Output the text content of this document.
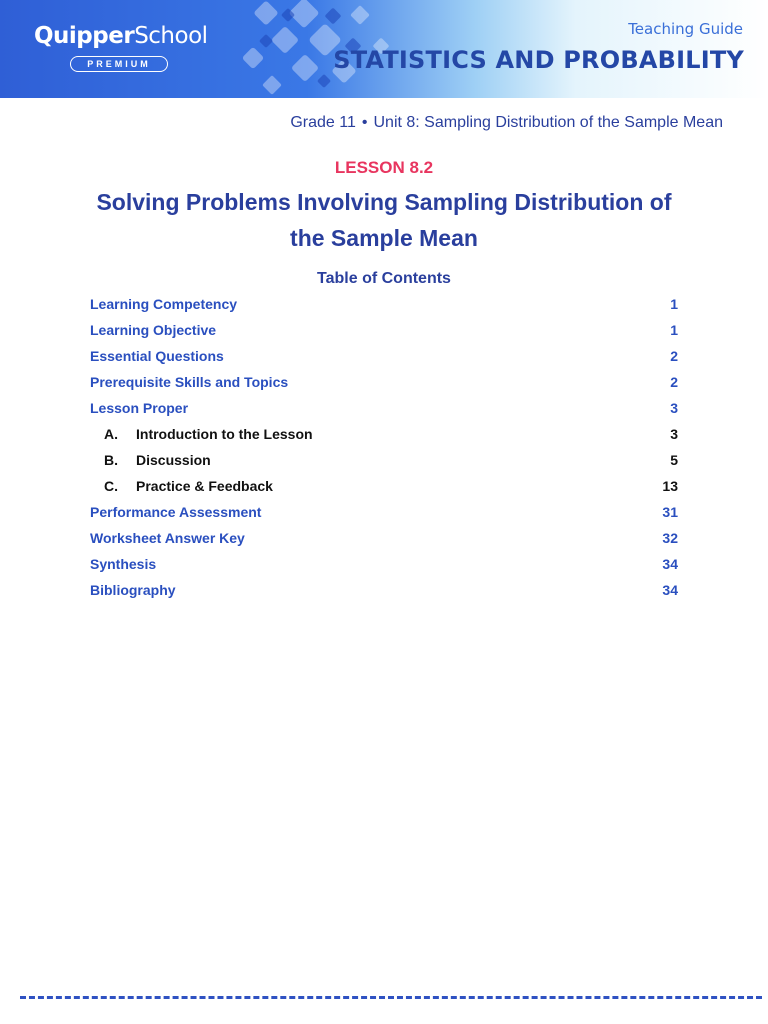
QuipperSchool
PREMIUM
Teaching Guide
STATISTICS AND PROBABILITY
Grade 11 • Unit 8: Sampling Distribution of the Sample Mean
LESSON 8.2
Solving Problems Involving Sampling Distribution of the Sample Mean
Table of Contents
Learning Competency	1
Learning Objective	1
Essential Questions	2
Prerequisite Skills and Topics	2
Lesson Proper	3
A.	Introduction to the Lesson	3
B.	Discussion	5
C.	Practice & Feedback	13
Performance Assessment	31
Worksheet Answer Key	32
Synthesis	34
Bibliography	34
